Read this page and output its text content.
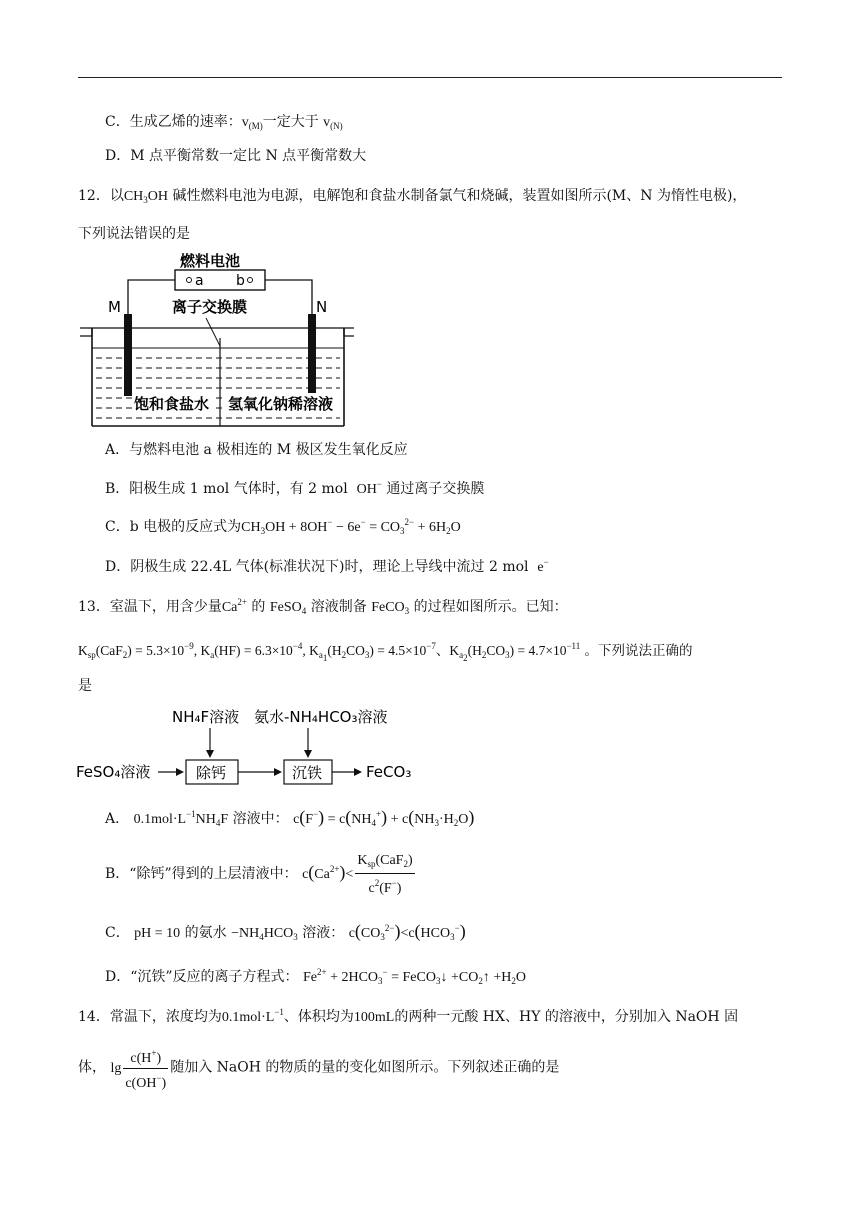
C．生成乙烯的速率：$v_{(M)}$一定大于 $v_{(N)}$
D．M 点平衡常数一定比 N 点平衡常数大
12．以$CH_3OH$ 碱性燃料电池为电源，电解饱和食盐水制备氯气和烧碱，装置如图所示(M、N 为惰性电极)，
下列说法错误的是
燃料电池
a b
M	N
离子交换膜
饱和食盐水 氢氧化钠稀溶液
A．与燃料电池 a 极相连的 M 极区发生氧化反应
B．阳极生成 1 mol 气体时，有 2 mol  OH− 通过离子交换膜
C．b 电极的反应式为$CH_3OH + 8OH^- - 6e^- = CO_3^{2-} + 6H_2O$
D．阴极生成 22.4L 气体(标准状况下)时，理论上导线中流过 2 mol  e−
13．室温下，用含少量$Ca^{2+}$ 的 FeSO$_4$ 溶液制备 FeCO$_3$ 的过程如图所示。已知：
$K_{sp}(CaF_2) = 5.3\times 10^{-9}$, $K_a(HF) = 6.3\times 10^{-4}$, $K_{a_1}(H_2CO_3) = 4.5\times 10^{-7}$、$K_{a_2}(H_2CO_3) = 4.7\times 10^{-11}$ 。下列说法正确的
是
NH₄F溶液 氨水-NH₄HCO₃溶液
FeSO₄溶液	除钙	沉铁	FeCO₃
A． $0.1mol\cdot L^{-1}NH_4F$ 溶液中： $c(F^-) = c(NH_4^+) + c(NH_3\cdot H_2O)$
B．“除钙”得到的上层清液中： $c(Ca^{2+})< \frac{K_{sp}(CaF_2)}{c^2(F^-)}$
C． pH = 10 的氨水 $-NH_4HCO_3$ 溶液： $c(CO_3^{2-})<c(HCO_3^-)$
D．“沉铁”反应的离子方程式： $Fe^{2+} + 2HCO_3^-$ = FeCO$_3$↓ $+CO_2↑ +H_2O$
14．常温下，浓度均为$0.1mol\cdot L^{-1}$、体积均为100mL的两种一元酸 HX、HY 的溶液中，分别加入 NaOH 固
体， $\lg \frac{c(H^+)}{c(OH^-)}$ 随加入 NaOH 的物质的量的变化如图所示。下列叙述正确的是
